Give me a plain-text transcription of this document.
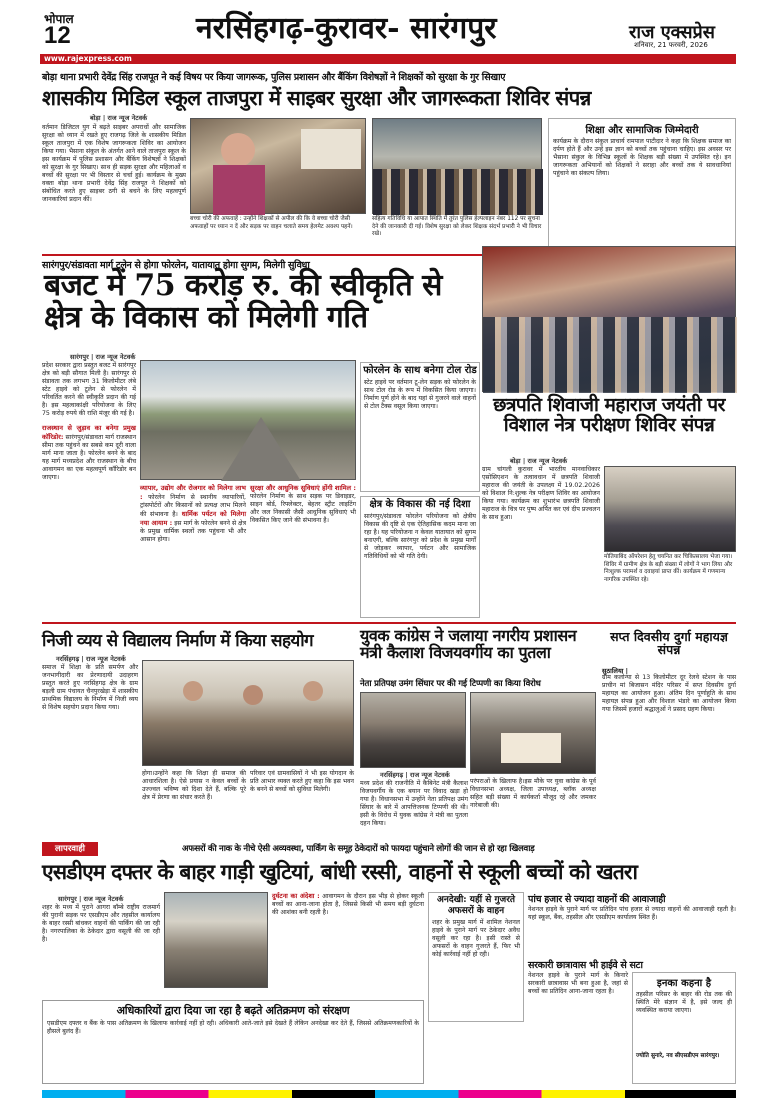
भोपाल
12	नरसिंहगढ़-कुरावर- सारंगपुर	राज एक्सप्रेस
शनिवार, 21 फरवरी, 2026
www.rajexpress.com
बोड़ा थाना प्रभारी देवेंद्र सिंह राजपूत ने कई विषय पर किया जागरूक, पुलिस प्रशासन और बैंकिंग विशेषज्ञों ने शिक्षकों को सुरक्षा के गुर सिखाए
शासकीय मिडिल स्कूल ताजपुरा में साइबर सुरक्षा और जागरूकता शिविर संपन्न
बोड़ा | राज न्यूज नेटवर्क
वर्तमान डिजिटल युग में बढ़ते साइबर अपराधों और सामाजिक सुरक्षा को ध्यान में रखते हुए राजगढ़ जिले के शासकीय मिडिल स्कूल ताजपुरा में एक विशेष जागरूकता शिविर का आयोजन किया गया। भैसाना संकुल के अंतर्गत आने वाले ताजपुरा स्कूल के इस कार्यक्रम में पुलिस प्रशासन और बैंकिंग विशेषज्ञों ने शिक्षकों को सुरक्षा के गुर सिखाए। साथ ही सड़क सुरक्षा और महिलाओं व बच्चों की सुरक्षा पर भी विस्तार से चर्चा हुई। कार्यक्रम के मुख्य वक्ता बोड़ा थाना प्रभारी देवेंद्र सिंह राजपूत ने शिक्षकों को संबोधित करते हुए साइबर ठगी से बचने के लिए महत्वपूर्ण जानकारियां प्रदान कीं।
बच्चा चोरी की अफवाहें : उन्होंने शिक्षकों से अपील की कि वे बच्चा चोरी जैसी अफवाहों पर ध्यान न दें और सड़क पर वाहन चलाते समय हेलमेट अवश्य पहनें।
सहित्य गतिविधि या आपात स्थिति में तुरंत पुलिस हेल्पलाइन नंबर 112 पर सूचना देने की जानकारी दी गई। विशेष सुरक्षा को लेकर शिक्षक संदर्भ प्रभारी ने भी विचार रखे।
शिक्षा और सामाजिक जिम्मेदारी
कार्यक्रम के दौरान संकुल प्राचार्य रामपाल पाटीदार ने कहा कि शिक्षक समाज का दर्पण होते हैं और उन्हें इस ज्ञान को बच्चों तक पहुंचाना चाहिए। इस अवसर पर भैसाना संकुल के विभिन्न स्कूलों के शिक्षक बड़ी संख्या में उपस्थित रहे। इन जागरूकता अभियानों को शिक्षकों ने सराहा और बच्चों तक ये सावधानियां पहुंचाने का संकल्प लिया।
सारंगपुर/संडावता मार्ग टूलेन से होगा फोरलेन, यातायात होगा सुगम, मिलेगी सुविधा
बजट में 75 करोड़ रु. की स्वीकृति से क्षेत्र के विकास को मिलेगी गति
सारंगपुर | राज न्यूज नेटवर्क
प्रदेश सरकार द्वारा प्रस्तुत बजट में सारंगपुर क्षेत्र को बड़ी सौगात मिली है। सारंगपुर से संडावता तक लगभग 31 किलोमीटर लंबे स्टेट हाइवे को टूलेन से फोरलेन में परिवर्तित करने की स्वीकृति प्रदान की गई है। इस महत्वाकांक्षी परियोजना के लिए 75 करोड़ रुपये की राशि मंजूर की गई है।
राजस्थान से जुड़ाव का बनेगा प्रमुख कॉरिडोर: सारंगपुर/संडावता मार्ग राजस्थान सीमा तक पहुंचने का सबसे कम दूरी वाला मार्ग माना जाता है। फोरलेन बनने के बाद यह मार्ग मध्यप्रदेश और राजस्थान के बीच आवागमन का एक महत्वपूर्ण कॉरिडोर बन जाएगा।
व्यापार, उद्योग और रोजगार को मिलेगा लाभ : फोरलेन निर्माण से स्थानीय व्यापारियों, ट्रांसपोर्टरों और किसानों को प्रत्यक्ष लाभ मिलने की संभावना है। धार्मिक पर्यटन को मिलेगा नया आयाम : इस मार्ग के फोरलेन बनने से क्षेत्र के प्रमुख धार्मिक स्थलों तक पहुंचना भी और आसान होगा।
सुरक्षा और आधुनिक सुविधाएं होंगी शामिल : फोरलेन निर्माण के साथ सड़क पर डिवाइडर, साइन बोर्ड, रिफ्लेक्टर, बेहतर स्ट्रीट लाइटिंग और जल निकासी जैसी आधुनिक सुविधाएं भी विकसित किए जाने की संभावना है।
फोरलेन के साथ बनेगा टोल रोड
स्टेट हाइवे पर वर्तमान टू-लेन सड़क को फोरलेन के साथ टोल रोड के रूप में विकसित किया जाएगा। निर्माण पूर्ण होने के बाद यहां से गुजरने वाले वाहनों से टोल टैक्स वसूल किया जाएगा।
क्षेत्र के विकास की नई दिशा
सारंगपुर/संडावता फोरलेन परियोजना को क्षेत्रीय विकास की दृष्टि से एक ऐतिहासिक कदम माना जा रहा है। यह परियोजना न केवल यातायात को सुगम बनाएगी, बल्कि सारंगपुर को प्रदेश के प्रमुख मार्गों से जोड़कर व्यापार, पर्यटन और सामाजिक गतिविधियों को भी गति देगी।
छत्रपति शिवाजी महाराज जयंती पर विशाल नेत्र परीक्षण शिविर संपन्न
बोड़ा | राज न्यूज नेटवर्क
ग्राम चांगली कुरावर में भारतीय मानवाधिकार एसोसिएशन के तत्वावधान में छत्रपति शिवाजी महाराज की जयंती के उपलक्ष्य में 19.02.2026 को विशाल नि:शुल्क नेत्र परीक्षण शिविर का आयोजन किया गया। कार्यक्रम का शुभारंभ छत्रपति शिवाजी महाराज के चित्र पर पुष्प अर्पित कर एवं दीप प्रज्वलन के साथ हुआ।
मोतियाबिंद ऑपरेशन हेतु चयनित कर चिकित्सालय भेजा गया। शिविर में ग्रामीण क्षेत्र के बड़ी संख्या में लोगों ने भाग लिया और निःशुल्क परामर्श व दवाइयां प्राप्त कीं। कार्यक्रम में गणमान्य नागरिक उपस्थित रहे।
निजी व्यय से विद्यालय निर्माण में किया सहयोग
नरसिंहगढ़ | राज न्यूज नेटवर्क
समाज में शिक्षा के प्रति समर्पण और जनभागीदारी का प्रेरणादायी उदाहरण प्रस्तुत करते हुए नरसिंहगढ़ क्षेत्र के ग्राम बड़ली ग्राम पंचायत चैनपुरखेड़ा में शासकीय प्राथमिक विद्यालय के निर्माण में निजी व्यय से विशेष सहयोग प्रदान किया गया।
होगा।उन्होंने कहा कि शिक्षा ही समाज की आधारशिला है। ऐसे प्रयास न केवल बच्चों के उज्ज्वल भविष्य को दिशा देते हैं, बल्कि पूरे क्षेत्र में प्रेरणा का संचार करते हैं।
परिवार एवं ग्रामवासियों ने भी इस योगदान के प्रति आभार व्यक्त करते हुए कहा कि इस भवन के बनने से बच्चों को सुविधा मिलेगी।
युवक कांग्रेस ने जलाया नगरीय प्रशासन मंत्री कैलाश विजयवर्गीय का पुतला
नेता प्रतिपक्ष उमंग सिंघार पर की गई टिप्पणी का किया विरोध
नरसिंहगढ़ | राज न्यूज नेटवर्क
मध्य प्रदेश की राजनीति में कैबिनेट मंत्री कैलाश विजयवर्गीय के एक बयान पर विवाद खड़ा हो गया है। विधानसभा में उन्होंने नेता प्रतिपक्ष उमंग सिंघार के बारे में आपत्तिजनक टिप्पणी की थी। इसी के विरोध में युवक कांग्रेस ने मंत्री का पुतला दहन किया।
परंपराओं के खिलाफ है।इस मौके पर युवा कांग्रेस के पूर्व विधानसभा अध्यक्ष, जिला उपाध्यक्ष, ब्लॉक अध्यक्ष सहित बड़ी संख्या में कार्यकर्ता मौजूद रहे और जमकर नारेबाजी की।
सप्त दिवसीय दुर्गा महायज्ञ संपन्न
सुठालिया |
ग्राम कलोन्या से 13 किलोमीटर दूर रेलवे स्टेशन के पास प्राचीन मां बिजासन मंदिर परिसर में सप्त दिवसीय दुर्गा महायज्ञ का आयोजन हुआ। अंतिम दिन पूर्णाहुति के साथ महायज्ञ संपन्न हुआ और विशाल भंडारे का आयोजन किया गया जिसमें हजारों श्रद्धालुओं ने प्रसाद ग्रहण किया।
लापरवाही	अफसरों की नाक के नीचे ऐसी अव्यवस्था, पार्किंग के समूह ठेकेदारों को फायदा पहुंचाने लोगों की जान से हो रहा खिलवाड़
एसडीएम दफ्तर के बाहर गाड़ी खुटियां, बांधी रस्सी, वाहनों से स्कूली बच्चों को खतरा
सारंगपुर | राज न्यूज नेटवर्क
शहर के मध्य में पुराने आगरा बॉम्बे राष्ट्रीय राजमार्ग की पुरानी सड़क पर एसडीएम और तहसील कार्यालय के बाहर रस्सी बांधकर वाहनों की पार्किंग की जा रही है। नगरपालिका के ठेकेदार द्वारा वसूली की जा रही है।
दुर्घटना का अंदेशा : आवागमन के दौरान इस भीड़ से होकर स्कूली बच्चों का आना-जाना होता है, जिससे किसी भी समय बड़ी दुर्घटना की आशंका बनी रहती है।
अनदेखी: यहीं से गुजरते अफसरों के वाहन
शहर के प्रमुख मार्ग में शामिल नेशनल हाइवे के पुराने मार्ग पर ठेकेदार अवैध वसूली कर रहा है। इसी रास्ते से अफसरों के वाहन गुजरते हैं, फिर भी कोई कार्रवाई नहीं हो रही।
अधिकारियों द्वारा दिया जा रहा है बढ़ते अतिक्रमण को संरक्षण
एसडीएम दफ्तर व बैंक के पास अतिक्रमण के खिलाफ कार्रवाई नहीं हो रही। अधिकारी आते-जाते इसे देखते हैं लेकिन अनदेखा कर देते हैं, जिससे अतिक्रमणकारियों के हौसले बुलंद हैं।
पांच हजार से ज्यादा वाहनों की आवाजाही
नेशनल हाइवे के पुराने मार्ग पर प्रतिदिन पांच हजार से ज्यादा वाहनों की आवाजाही रहती है। यहां स्कूल, बैंक, तहसील और एसडीएम कार्यालय स्थित हैं।
सरकारी छात्रावास भी हाईवे से सटा
नेशनल हाइवे के पुराने मार्ग के किनारे सरकारी छात्रावास भी बना हुआ है, जहां से बच्चों का प्रतिदिन आना-जाना रहता है।
इनका कहना है
तहसील परिसर के बाहर की रोड तक की स्थिति मेरे संज्ञान में है, इसे जल्द ही व्यवस्थित कराया जाएगा।
ज्योति सुनारे, नव सीएसडीएम सारंगपुर।
